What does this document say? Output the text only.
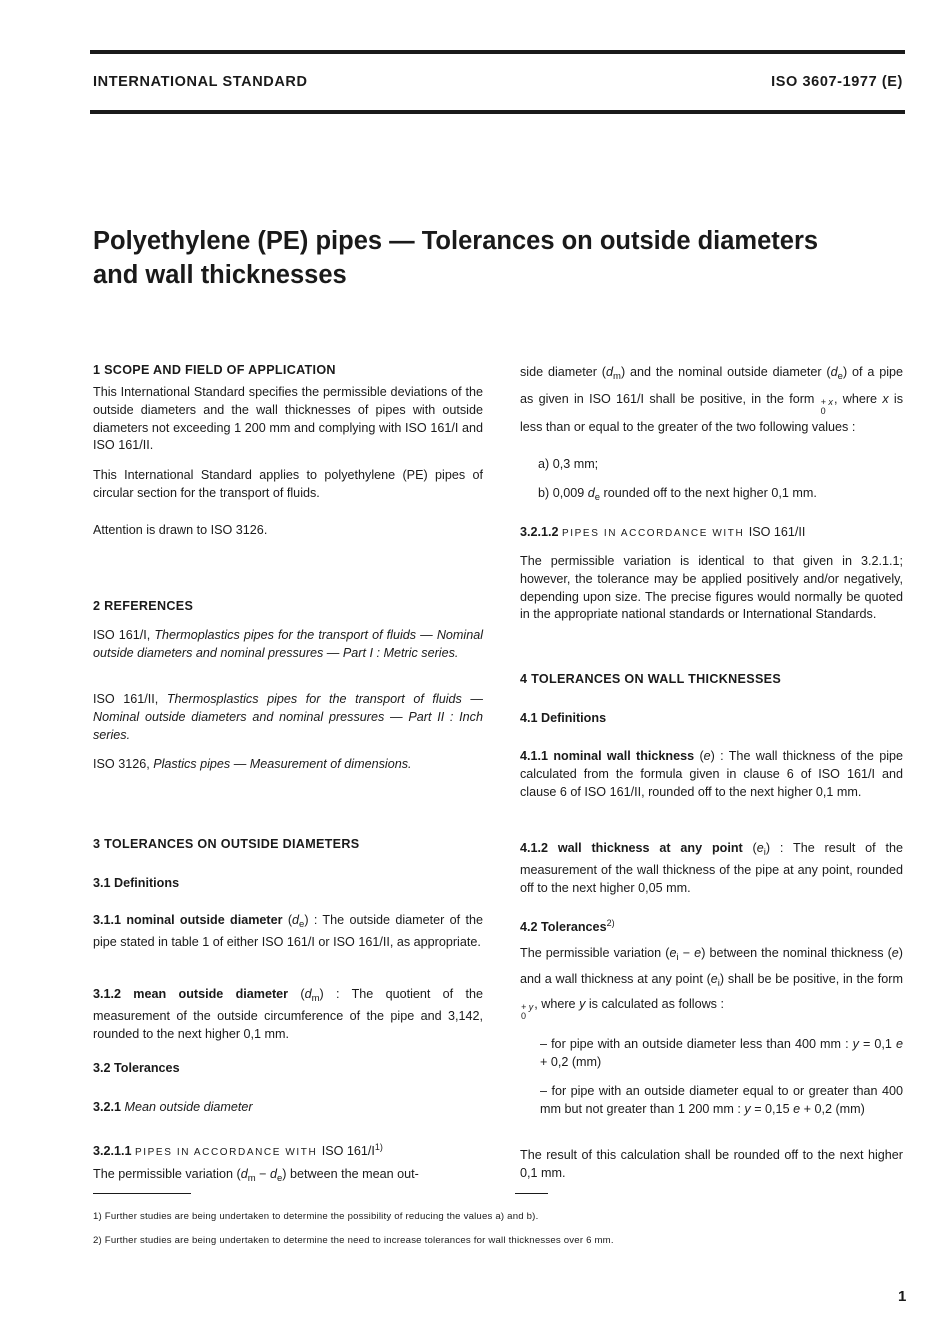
INTERNATIONAL STANDARD	ISO 3607-1977 (E)
Polyethylene (PE) pipes — Tolerances on outside diameters
and wall thicknesses
1 SCOPE AND FIELD OF APPLICATION
This International Standard specifies the permissible deviations of the outside diameters and the wall thicknesses of pipes with outside diameters not exceeding 1 200 mm and complying with ISO 161/I and ISO 161/II.
This International Standard applies to polyethylene (PE) pipes of circular section for the transport of fluids.
Attention is drawn to ISO 3126.
2 REFERENCES
ISO 161/I, Thermoplastics pipes for the transport of fluids — Nominal outside diameters and nominal pressures — Part I : Metric series.
ISO 161/II, Thermosplastics pipes for the transport of fluids — Nominal outside diameters and nominal pressures — Part II : Inch series.
ISO 3126, Plastics pipes — Measurement of dimensions.
3 TOLERANCES ON OUTSIDE DIAMETERS
3.1 Definitions
3.1.1 nominal outside diameter $(d_e)$ : The outside diameter of the pipe stated in table 1 of either ISO 161/I or ISO 161/II, as appropriate.
3.1.2 mean outside diameter $(d_m)$ : The quotient of the measurement of the outside circumference of the pipe and 3,142, rounded to the next higher 0,1 mm.
3.2 Tolerances
3.2.1 Mean outside diameter
3.2.1.1 PIPES IN ACCORDANCE WITH ISO $161/I^{1)}$
The permissible variation $(d_m - d_e)$ between the mean out-
side diameter $(d_m)$ and the nominal outside diameter $(d_e)$ of a pipe as given in ISO 161/I shall be positive, in the form + x
0
, where x is less than or equal to the greater of the two following values :
a) 0,3 mm;
b) 0,009 $d_e$ rounded off to the next higher 0,1 mm.
3.2.1.2 PIPES IN ACCORDANCE WITH ISO 161/II
The permissible variation is identical to that given in 3.2.1.1; however, the tolerance may be applied positively and/or negatively, depending upon size. The precise figures would normally be quoted in the appropriate national standards or International Standards.
4 TOLERANCES ON WALL THICKNESSES
4.1 Definitions
4.1.1 nominal wall thickness (e) : The wall thickness of the pipe calculated from the formula given in clause 6 of ISO 161/I and clause 6 of ISO 161/II, rounded off to the next higher 0,1 mm.
4.1.2 wall thickness at any point $(e_i)$ : The result of the measurement of the wall thickness of the pipe at any point, rounded off to the next higher 0,05 mm.
4.2 Tolerances$^{2)}$
The permissible variation $(e_i - e)$ between the nominal thickness (e) and a wall thickness at any point $(e_i)$ shall be be positive, in the form
+ y
0
, where y is calculated as follows :
– for pipe with an outside diameter less than 400 mm : y = 0,1 e + 0,2 (mm)
– for pipe with an outside diameter equal to or greater than 400 mm but not greater than 1 200 mm : y = 0,15 e + 0,2 (mm)
The result of this calculation shall be rounded off to the next higher 0,1 mm.
1) Further studies are being undertaken to determine the possibility of reducing the values a) and b).
2) Further studies are being undertaken to determine the need to increase tolerances for wall thicknesses over 6 mm.
1
